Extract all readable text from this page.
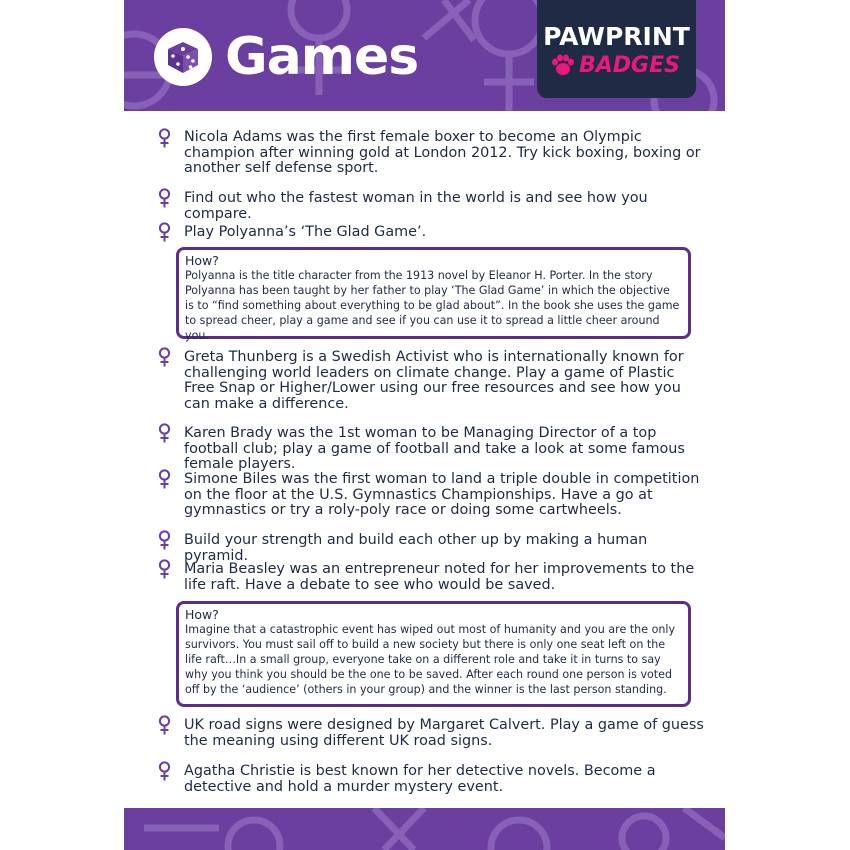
Games	PAWPRINT
BADGES
Nicola Adams was the first female boxer to become an Olympic champion after winning gold at London 2012. Try kick boxing, boxing or another self defense sport.
Find out who the fastest woman in the world is and see how you compare.
Play Polyanna’s ‘The Glad Game’.
How?
Polyanna is the title character from the 1913 novel by Eleanor H. Porter. In the story Polyanna has been taught by her father to play ‘The Glad Game’ in which the objective is to “find something about everything to be glad about”. In the book she uses the game to spread cheer, play a game and see if you can use it to spread a little cheer around you.
Greta Thunberg is a Swedish Activist who is internationally known for challenging world leaders on climate change. Play a game of Plastic Free Snap or Higher/Lower using our free resources and see how you can make a difference.
Karen Brady was the 1st woman to be Managing Director of a top football club; play a game of football and take a look at some famous female players.
Simone Biles was the first woman to land a triple double in competition on the floor at the U.S. Gymnastics Championships. Have a go at gymnastics or try a roly-poly race or doing some cartwheels.
Build your strength and build each other up by making a human pyramid.
Maria Beasley was an entrepreneur noted for her improvements to the life raft. Have a debate to see who would be saved.
How?
Imagine that a catastrophic event has wiped out most of humanity and you are the only survivors. You must sail off to build a new society but there is only one seat left on the life raft…In a small group, everyone take on a different role and take it in turns to say why you think you should be the one to be saved. After each round one person is voted off by the ‘audience’ (others in your group) and the winner is the last person standing.
UK road signs were designed by Margaret Calvert. Play a game of guess the meaning using different UK road signs.
Agatha Christie is best known for her detective novels. Become a detective and hold a murder mystery event.
